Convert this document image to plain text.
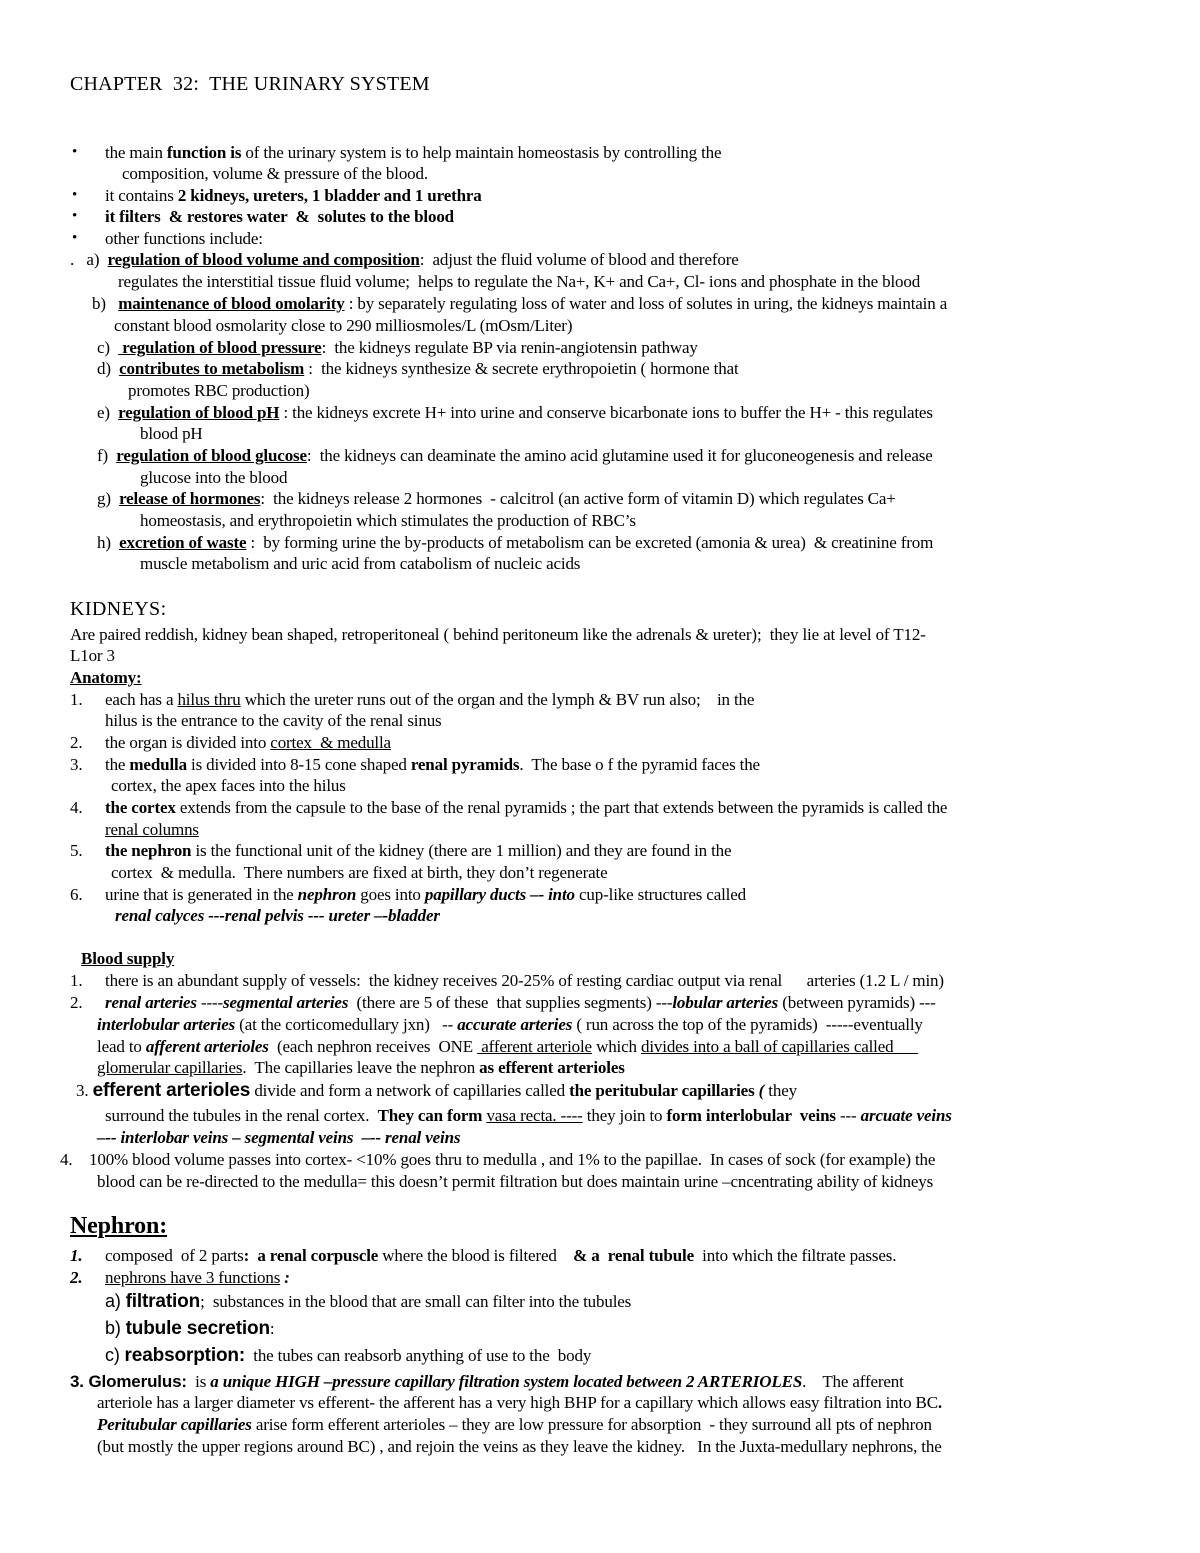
CHAPTER  32:  THE URINARY SYSTEM
• the main function is of the urinary system is to help maintain homeostasis by controlling the
composition, volume & pressure of the blood.
• it contains 2 kidneys, ureters, 1 bladder and 1 urethra
• it filters  & restores water  &  solutes to the blood
• other functions include:
. a) regulation of blood volume and composition:  adjust the fluid volume of blood and therefore
regulates the interstitial tissue fluid volume;  helps to regulate the Na+, K+ and Ca+, Cl- ions and phosphate in the blood
b) maintenance of blood omolarity : by separately regulating loss of water and loss of solutes in uring, the kidneys maintain a
constant blood osmolarity close to 290 milliosmoles/L (mOsm/Liter)
c)   regulation of blood pressure:  the kidneys regulate BP via renin-angiotensin pathway
d) contributes to metabolism :  the kidneys synthesize & secrete erythropoietin ( hormone that
promotes RBC production)
e) regulation of blood pH : the kidneys excrete H+ into urine and conserve bicarbonate ions to buffer the H+ - this regulates
blood pH
f) regulation of blood glucose:  the kidneys can deaminate the amino acid glutamine used it for gluconeogenesis and release
glucose into the blood
g) release of hormones:  the kidneys release 2 hormones  - calcitrol (an active form of vitamin D) which regulates Ca+
homeostasis, and erythropoietin which stimulates the production of RBC’s
h) excretion of waste :  by forming urine the by-products of metabolism can be excreted (amonia & urea)  & creatinine from
muscle metabolism and uric acid from catabolism of nucleic acids
KIDNEYS:
Are paired reddish, kidney bean shaped, retroperitoneal ( behind peritoneum like the adrenals & ureter);  they lie at level of T12-
L1or 3
Anatomy:
1. each has a hilus thru which the ureter runs out of the organ and the lymph & BV run also;    in the
hilus is the entrance to the cavity of the renal sinus
2. the organ is divided into cortex  & medulla
3. the medulla is divided into 8-15 cone shaped renal pyramids.  The base o f the pyramid faces the
cortex, the apex faces into the hilus
4. the cortex extends from the capsule to the base of the renal pyramids ; the part that extends between the pyramids is called the
renal columns
5. the nephron is the functional unit of the kidney (there are 1 million) and they are found in the
cortex  & medulla.  There numbers are fixed at birth, they don’t regenerate
6. urine that is generated in the nephron goes into papillary ducts –- into cup-like structures called
renal calyces ---renal pelvis --- ureter –-bladder
Blood supply
1. there is an abundant supply of vessels:  the kidney receives 20-25% of resting cardiac output via renal      arteries (1.2 L / min)
2. renal arteries ----segmental arteries  (there are 5 of these  that supplies segments) ---lobular arteries (between pyramids) ---
interlobular arteries (at the corticomedullary jxn)   -- accurate arteries ( run across the top of the pyramids)  -----eventually
lead to afferent arterioles  (each nephron receives  ONE  afferent arteriole which divides into a ball of capillaries called
glomerular capillaries.  The capillaries leave the nephron as efferent arterioles
3. efferent arterioles divide and form a network of capillaries called the peritubular capillaries ( they
surround the tubules in the renal cortex.  They can form vasa recta. ---- they join to form interlobular  veins --- arcuate veins
–-- interlobar veins – segmental veins  –-- renal veins
4. 100% blood volume passes into cortex- <10% goes thru to medulla , and 1% to the papillae.  In cases of sock (for example) the
blood can be re-directed to the medulla= this doesn’t permit filtration but does maintain urine –cncentrating ability of kidneys
Nephron:
1. composed  of 2 parts:  a renal corpuscle where the blood is filtered    & a  renal tubule  into which the filtrate passes.
2. nephrons have 3 functions :
a) filtration;  substances in the blood that are small can filter into the tubules
b) tubule secretion:
c) reabsorption:  the tubes can reabsorb anything of use to the  body
3. Glomerulus:  is a unique HIGH –pressure capillary filtration system located between 2 ARTERIOLES.    The afferent
arteriole has a larger diameter vs efferent- the afferent has a very high BHP for a capillary which allows easy filtration into BC.
Peritubular capillaries arise form efferent arterioles – they are low pressure for absorption  - they surround all pts of nephron
(but mostly the upper regions around BC) , and rejoin the veins as they leave the kidney.   In the Juxta-medullary nephrons, the
